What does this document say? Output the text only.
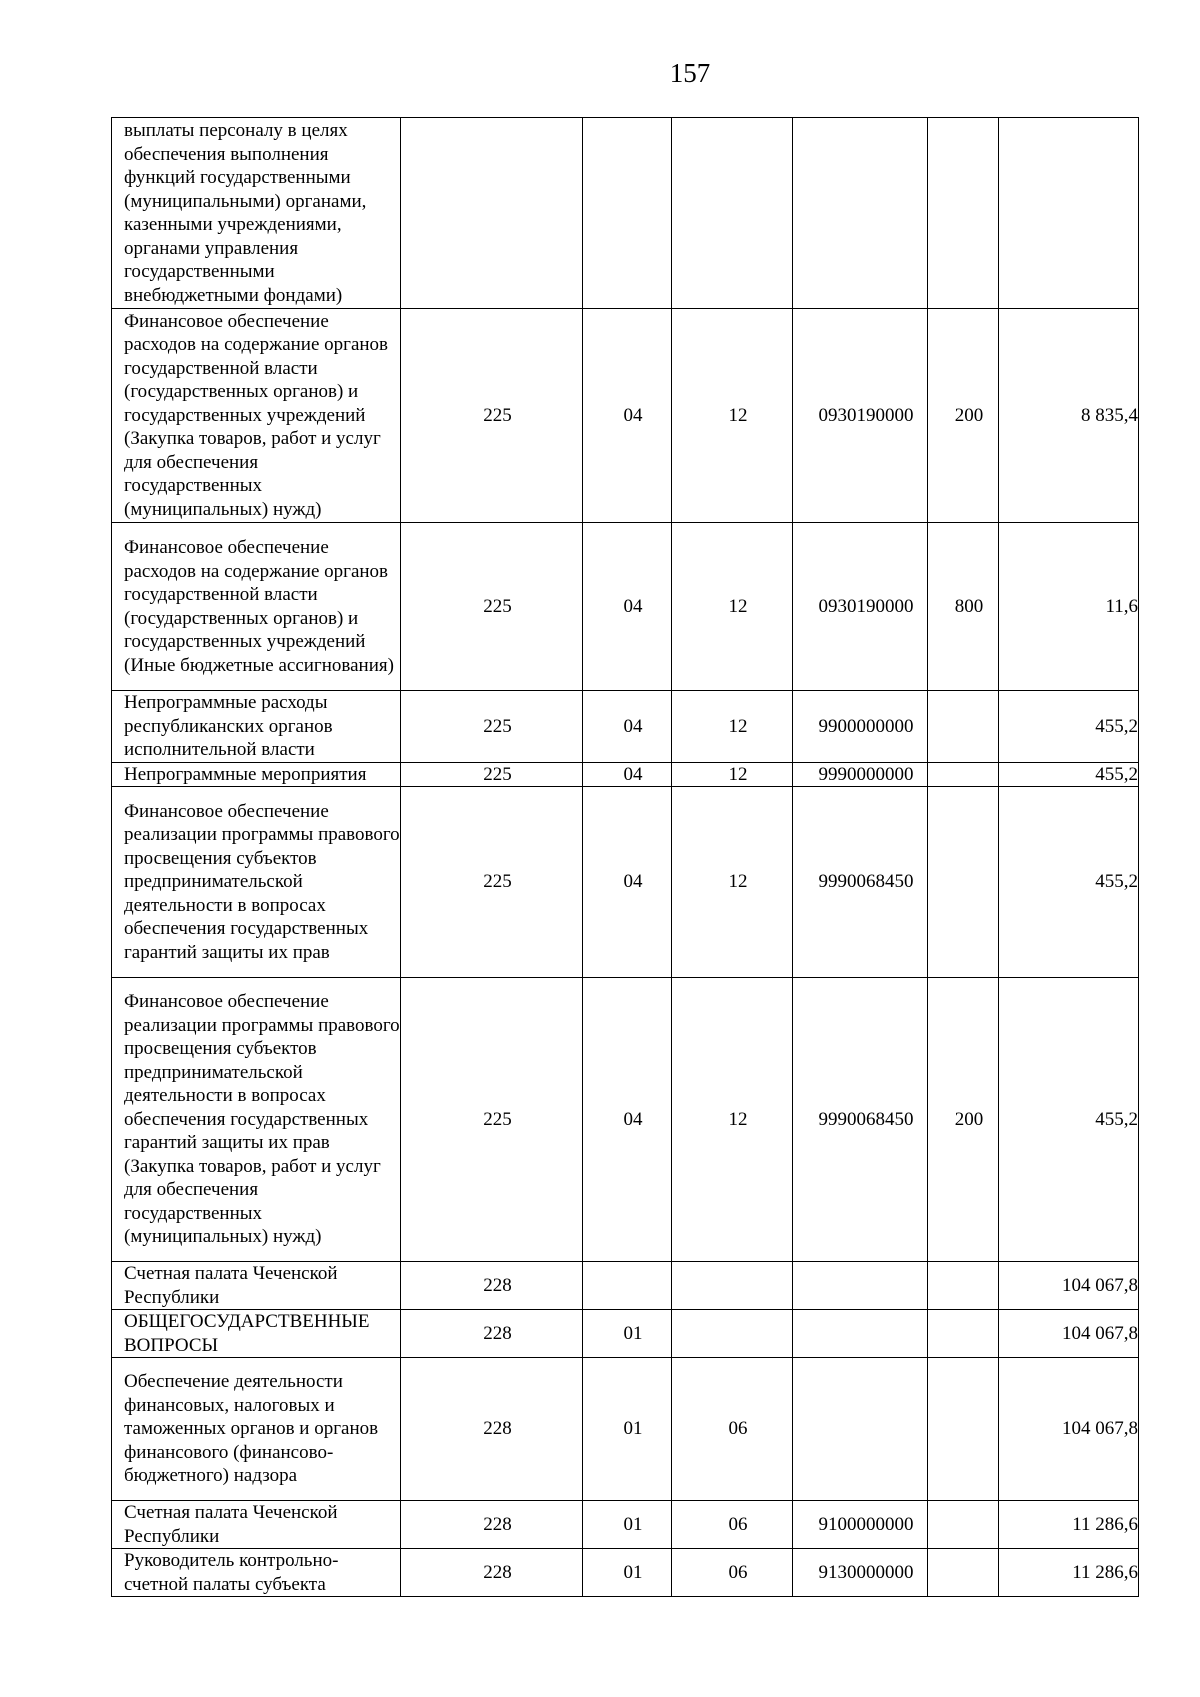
157
выплаты персоналу в целях обеспечения выполнения функций государственными (муниципальными) органами, казенными учреждениями, органами управления государственными внебюджетными фондами)						
Финансовое обеспечение расходов на содержание органов государственной власти (государственных органов) и государственных учреждений (Закупка товаров, работ и услуг для обеспечения государственных (муниципальных) нужд)	225	04	12	0930190000	200	8 835,4
Финансовое обеспечение расходов на содержание органов государственной власти (государственных органов) и государственных учреждений (Иные бюджетные ассигнования)	225	04	12	0930190000	800	11,6
Непрограммные расходы республиканских органов исполнительной власти	225	04	12	9900000000		455,2
Непрограммные мероприятия	225	04	12	9990000000		455,2
Финансовое обеспечение реализации программы правового просвещения субъектов предпринимательской деятельности в вопросах обеспечения государственных гарантий защиты их прав	225	04	12	9990068450		455,2
Финансовое обеспечение реализации программы правового просвещения субъектов предпринимательской деятельности в вопросах обеспечения государственных гарантий защиты их прав (Закупка товаров, работ и услуг для обеспечения государственных (муниципальных) нужд)	225	04	12	9990068450	200	455,2
Счетная палата Чеченской Республики	228					104 067,8
ОБЩЕГОСУДАРСТВЕННЫЕ ВОПРОСЫ	228	01				104 067,8
Обеспечение деятельности финансовых, налоговых и таможенных органов и органов финансового (финансово-бюджетного) надзора	228	01	06			104 067,8
Счетная палата Чеченской Республики	228	01	06	9100000000		11 286,6
Руководитель контрольно-счетной палаты субъекта	228	01	06	9130000000		11 286,6
